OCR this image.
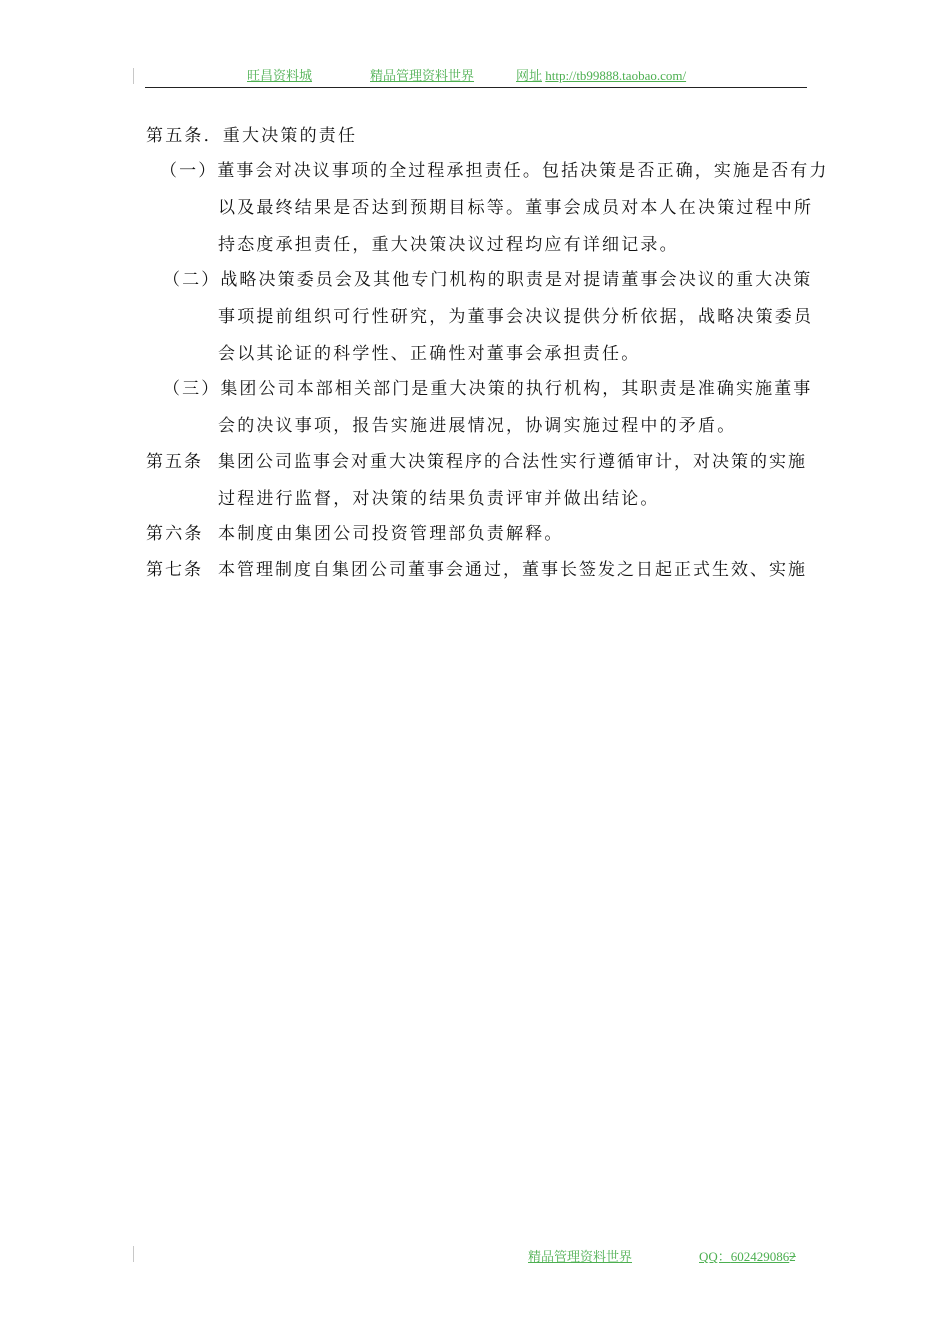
旺昌资料城	精品管理资料世界	网址 http://tb99888.taobao.com/
第五条．重大决策的责任
（一）董事会对决议事项的全过程承担责任。包括决策是否正确，实施是否有力
以及最终结果是否达到预期目标等。董事会成员对本人在决策过程中所
持态度承担责任，重大决策决议过程均应有详细记录。
（二）战略决策委员会及其他专门机构的职责是对提请董事会决议的重大决策
事项提前组织可行性研究，为董事会决议提供分析依据，战略决策委员
会以其论证的科学性、正确性对董事会承担责任。
（三）集团公司本部相关部门是重大决策的执行机构，其职责是准确实施董事
会的决议事项，报告实施进展情况，协调实施过程中的矛盾。
第五条 集团公司监事会对重大决策程序的合法性实行遵循审计，对决策的实施
过程进行监督，对决策的结果负责评审并做出结论。
第六条 本制度由集团公司投资管理部负责解释。
第七条 本管理制度自集团公司董事会通过，董事长签发之日起正式生效、实施
精品管理资料世界	QQ：6024290862
